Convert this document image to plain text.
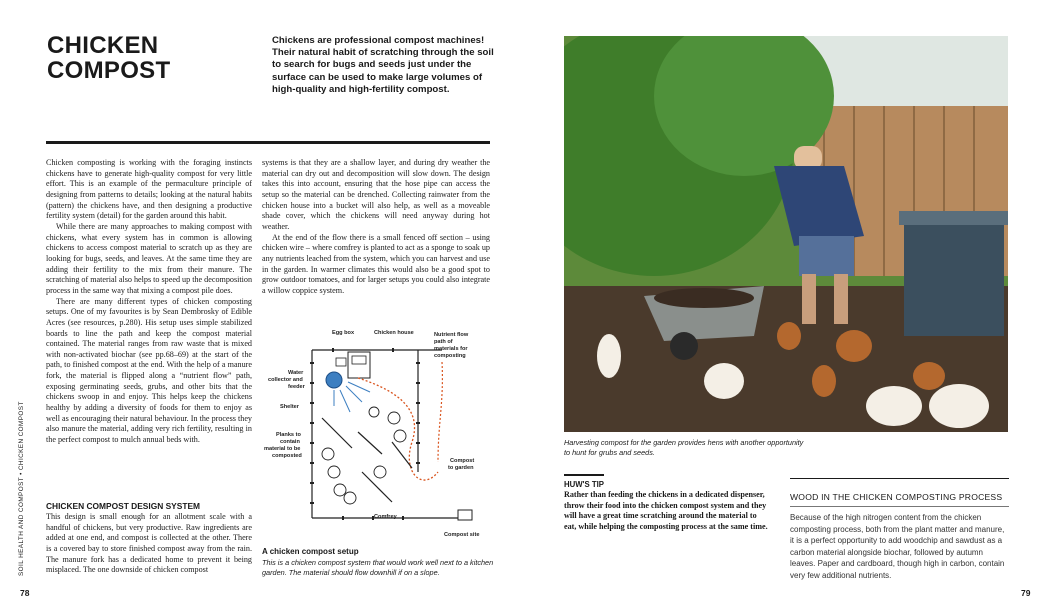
CHICKEN
COMPOST
Chickens are professional compost machines! Their natural habit of scratching through the soil to search for bugs and seeds just under the surface can be used to make large volumes of high-quality and high-fertility compost.

Chicken composting is working with the foraging instincts chickens have to generate high-quality compost for very little effort. This is an example of the permaculture principle of designing from patterns to details; looking at the natural habits (pattern) the chickens have, and then designing a productive fertility system (detail) for the garden around this habit.

While there are many approaches to making compost with chickens, what every system has in common is allowing chickens to access compost material to scratch up as they are looking for bugs, seeds, and leaves. At the same time they are adding their fertility to the mix from their manure. The scratching of material also helps to speed up the decomposition process in the same way that mixing a compost pile does.

There are many different types of chicken composting setups. One of my favourites is by Sean Dembrosky of Edible Acres (see resources, p.280). His setup uses simple stabilized boards to line the path and keep the compost material contained. The material ranges from raw waste that is mixed with non-activated biochar (see pp.68–69) at the start of the path, to finished compost at the end. With the help of a manure fork, the material is flipped along a “nutrient flow” path, exposing germinating seeds, grubs, and other bits that the chickens swoop in and enjoy. This helps keep the chickens healthy by adding a diversity of foods for them to enjoy as well as encouraging their natural behaviour. In the process they also manure the material, adding very rich fertility, resulting in the perfect compost to mulch annual beds with.

CHICKEN COMPOST DESIGN SYSTEM

This design is small enough for an allotment scale with a handful of chickens, but very productive. Raw ingredients are added at one end, and compost is collected at the other. There is a covered bay to store finished compost away from the rain. The manure fork has a dedicated home to prevent it being misplaced. The one downside of chicken compost

systems is that they are a shallow layer, and during dry weather the material can dry out and decomposition will slow down. The design takes this into account, ensuring that the hose pipe can access the setup so the material can be drenched. Collecting rainwater from the chicken house into a bucket will also help, as well as a moveable shade cover, which the chickens will need anyway during hot weather.

At the end of the flow there is a small fenced off section – using chicken wire – where comfrey is planted to act as a sponge to soak up any nutrients leached from the system, which you can harvest and use in the garden. In warmer climates this would also be a good spot to grow outdoor tomatoes, and for larger setups you could also integrate a willow coppice system.

Egg box	Chicken house	Nutrient flow
path of
materials for
composting
Water
collector and
feeder
Shelter
Planks to
contain
material to be
composted
Compost
to garden
Comfrey
Compost site
A chicken compost setup
This is a chicken compost system that would work well next to a kitchen garden. The material should flow downhill if on a slope.
SOIL HEALTH AND COMPOST • CHICKEN COMPOST
78
Harvesting compost for the garden provides hens with another opportunity to hunt for grubs and seeds.
HUW'S TIP
Rather than feeding the chickens in a dedicated dispenser, throw their food into the chicken compost system and they will have a great time scratching around the material to eat, while helping the composting process at the same time.
WOOD IN THE CHICKEN COMPOSTING PROCESS
Because of the high nitrogen content from the chicken composting process, both from the plant matter and manure, it is a perfect opportunity to add woodchip and sawdust as a carbon material alongside biochar, followed by autumn leaves. Paper and cardboard, though high in carbon, contain very few additional nutrients.
79
